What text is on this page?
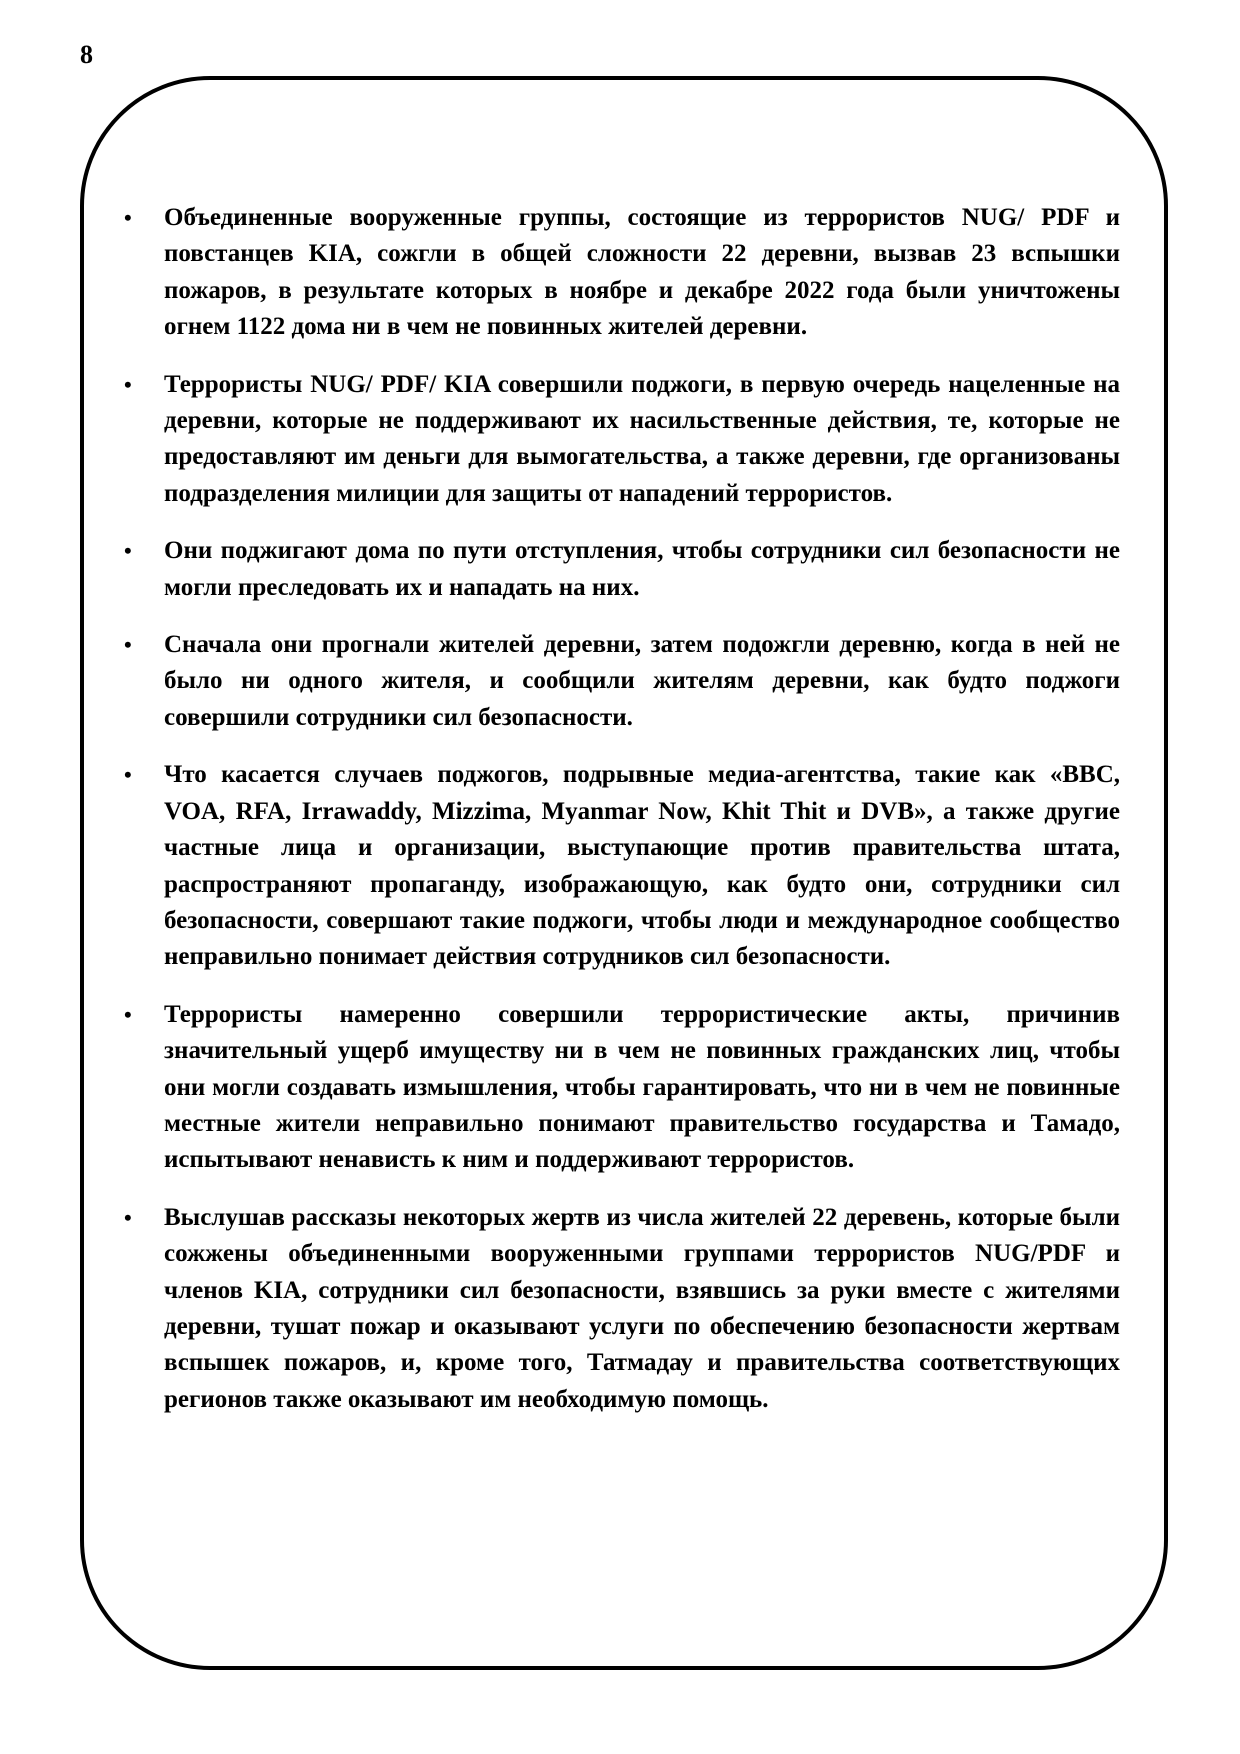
8
• Объединенные вооруженные группы, состоящие из террористов NUG/ PDF и повстанцев KIA, сожгли в общей сложности 22 деревни, вызвав 23 вспышки пожаров, в результате которых в ноябре и декабре 2022 года были уничтожены огнем 1122 дома ни в чем не повинных жителей деревни.
• Террористы NUG/ PDF/ KIA совершили поджоги, в первую очередь нацеленные на деревни, которые не поддерживают их насильственные действия, те, которые не предоставляют им деньги для вымогательства, а также деревни, где организованы подразделения милиции для защиты от нападений террористов.
• Они поджигают дома по пути отступления, чтобы сотрудники сил безопасности не могли преследовать их и нападать на них.
• Сначала они прогнали жителей деревни, затем подожгли деревню, когда в ней не было ни одного жителя, и сообщили жителям деревни, как будто поджоги совершили сотрудники сил безопасности.
• Что касается случаев поджогов, подрывные медиа-агентства, такие как «BBC, VOA, RFA, Irrawaddy, Mizzima, Myanmar Now, Khit Thit и DVB», а также другие частные лица и организации, выступающие против правительства штата, распространяют пропаганду, изображающую, как будто они, сотрудники сил безопасности, совершают такие поджоги, чтобы люди и международное сообщество неправильно понимает действия сотрудников сил безопасности.
• Террористы намеренно совершили террористические акты, причинив значительный ущерб имуществу ни в чем не повинных гражданских лиц, чтобы они могли создавать измышления, чтобы гарантировать, что ни в чем не повинные местные жители неправильно понимают правительство государства и Тамадо, испытывают ненависть к ним и поддерживают террористов.
• Выслушав рассказы некоторых жертв из числа жителей 22 деревень, которые были сожжены объединенными вооруженными группами террористов NUG/PDF и членов KIA, сотрудники сил безопасности, взявшись за руки вместе с жителями деревни, тушат пожар и оказывают услуги по обеспечению безопасности жертвам вспышек пожаров, и, кроме того, Татмадау и правительства соответствующих регионов также оказывают им необходимую помощь.
